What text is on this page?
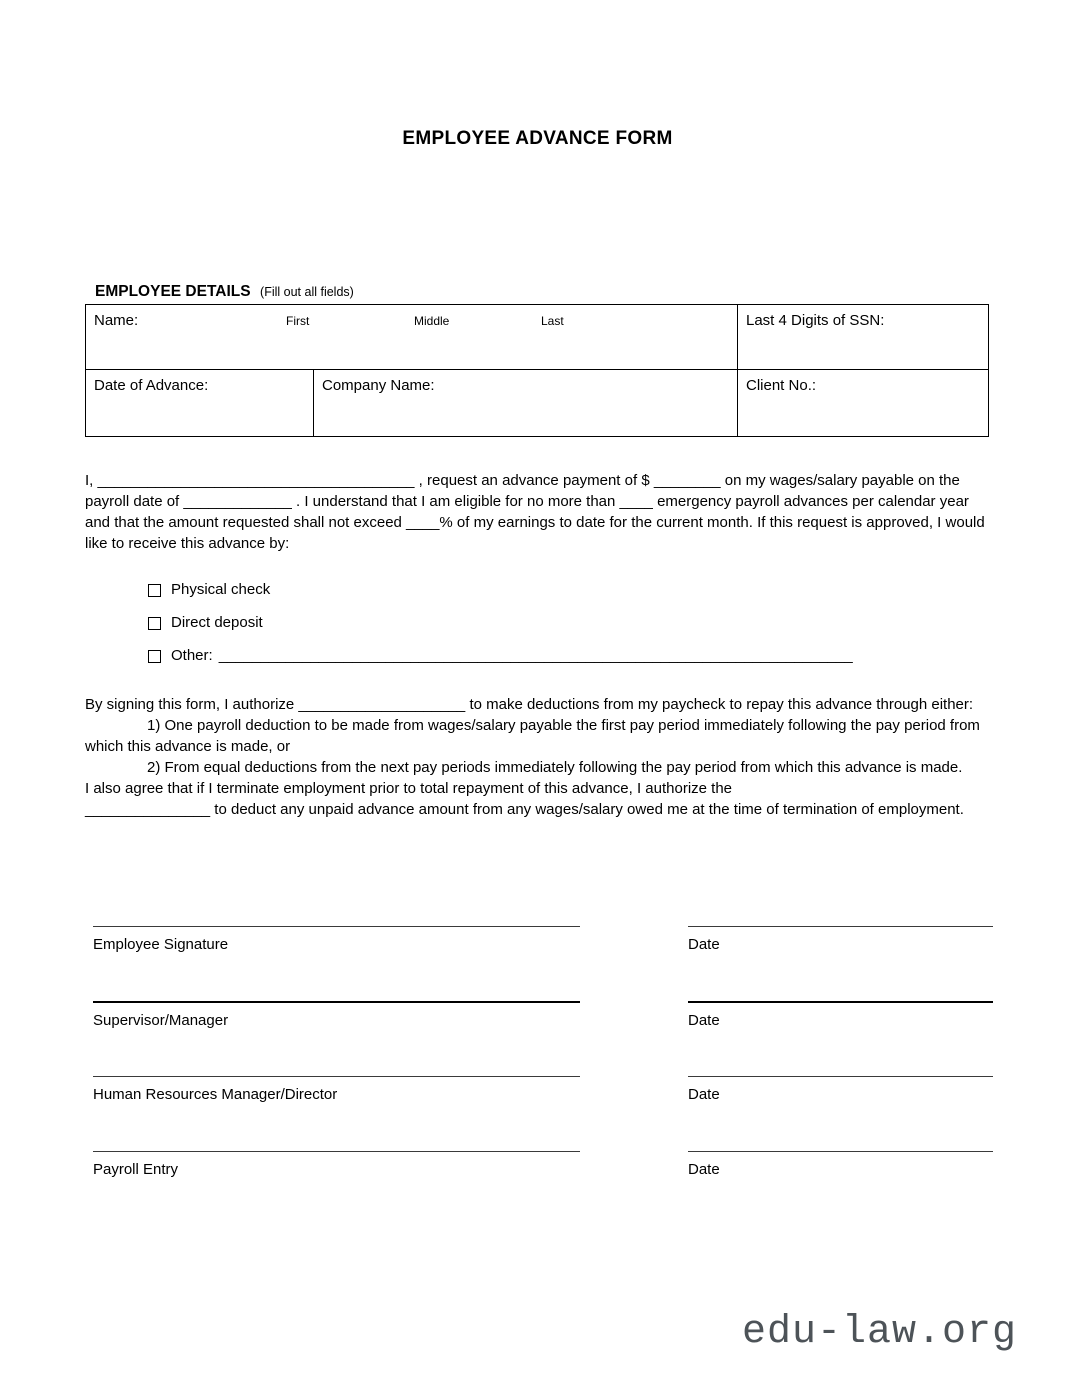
EMPLOYEE ADVANCE FORM
EMPLOYEE DETAILS (Fill out all fields)
Name: First Middle Last		Last 4 Digits of SSN:
Date of Advance:	Company Name:	Client No.:

I, ______________________________________ , request an advance payment of $ ________ on my wages/salary payable on the payroll date of _____________ . I understand that I am eligible for no more than ____ emergency payroll advances per calendar year and that the amount requested shall not exceed ____% of my earnings to date for the current month. If this request is approved, I would like to receive this advance by:

Physical check
Direct deposit
Other: ____________________________________________________________________________
By signing this form, I authorize ____________________ to make deductions from my paycheck to repay this advance through either:
1) One payroll deduction to be made from wages/salary payable the first pay period immediately following the pay period from which this advance is made, or
2) From equal deductions from the next pay periods immediately following the pay period from which this advance is made.
I also agree that if I terminate employment prior to total repayment of this advance, I authorize the
_______________ to deduct any unpaid advance amount from any wages/salary owed me at the time of termination of employment.
Employee Signature	Date
Supervisor/Manager	Date
Human Resources Manager/Director	Date
Payroll Entry	Date
edu-law.org
